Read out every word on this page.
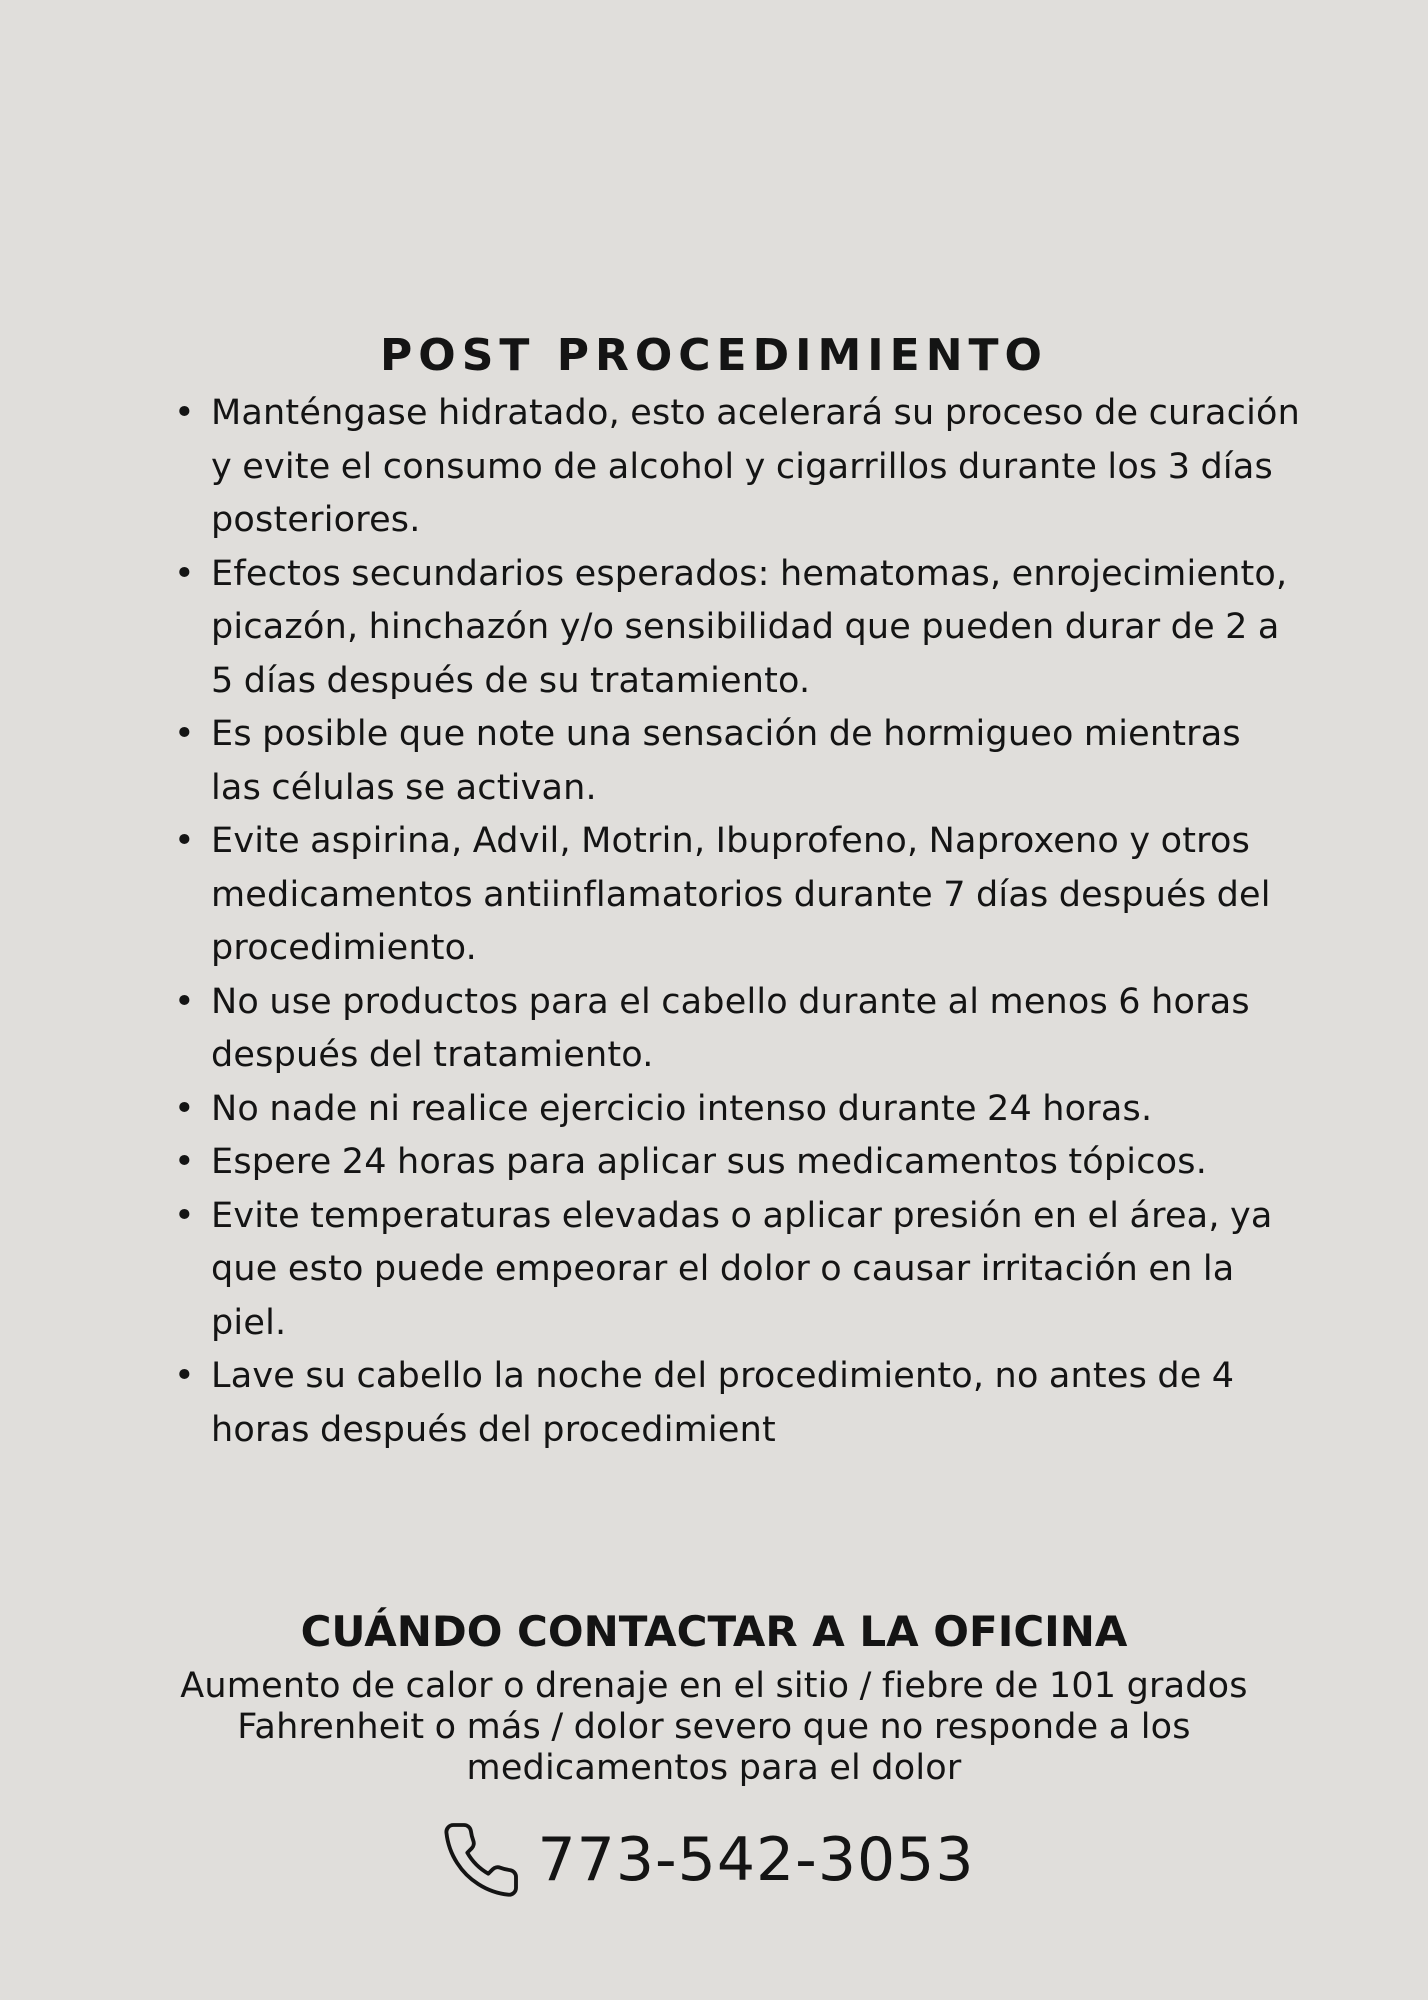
POST PROCEDIMIENTO
• Manténgase hidratado, esto acelerará su proceso de curación y evite el consumo de alcohol y cigarrillos durante los 3 días posteriores.
• Efectos secundarios esperados: hematomas, enrojecimiento, picazón, hinchazón y/o sensibilidad que pueden durar de 2 a 5 días después de su tratamiento.
• Es posible que note una sensación de hormigueo mientras las células se activan.
• Evite aspirina, Advil, Motrin, Ibuprofeno, Naproxeno y otros medicamentos antiinflamatorios durante 7 días después del procedimiento.
• No use productos para el cabello durante al menos 6 horas después del tratamiento.
• No nade ni realice ejercicio intenso durante 24 horas.
• Espere 24 horas para aplicar sus medicamentos tópicos.
• Evite temperaturas elevadas o aplicar presión en el área, ya que esto puede empeorar el dolor o causar irritación en la piel.
• Lave su cabello la noche del procedimiento, no antes de 4 horas después del procedimient
CUÁNDO CONTACTAR A LA OFICINA

Aumento de calor o drenaje en el sitio / fiebre de 101 grados Fahrenheit o más / dolor severo que no responde a los medicamentos para el dolor

773-542-3053
